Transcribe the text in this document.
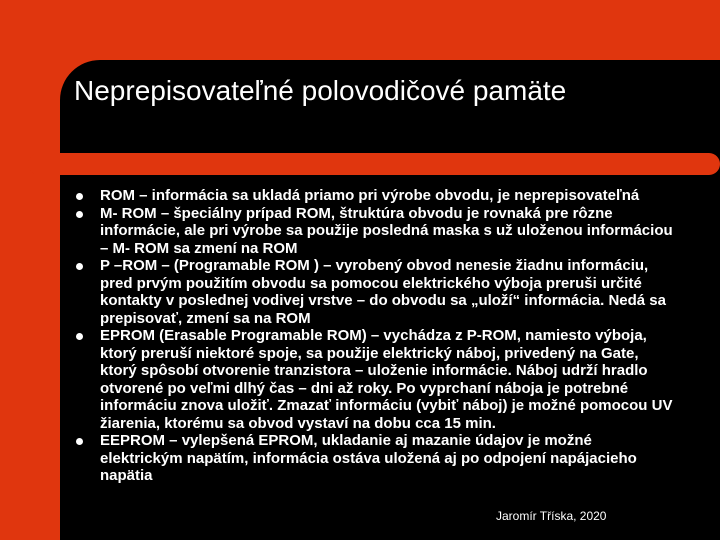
Neprepisovateľné polovodičové pamäte
ROM – informácia sa ukladá priamo pri výrobe obvodu, je neprepisovateľná
M- ROM – špeciálny prípad ROM, štruktúra obvodu je rovnaká pre rôzne informácie, ale pri výrobe sa použije posledná maska s už uloženou informáciou – M- ROM sa zmení na ROM
P –ROM – (Programable ROM ) – vyrobený obvod nenesie žiadnu informáciu, pred prvým použitím obvodu sa pomocou elektrického výboja preruši určité kontakty v poslednej vodivej vrstve – do obvodu sa „uloží“ informácia. Nedá sa prepisovať, zmení sa na ROM
EPROM (Erasable Programable ROM) – vychádza z P-ROM, namiesto výboja, ktorý preruší niektoré spoje, sa použije elektrický náboj, privedený na Gate, ktorý spôsobí otvorenie tranzistora – uloženie informácie. Náboj udrží hradlo otvorené po veľmi dlhý čas – dni až roky. Po vyprchaní náboja je potrebné informáciu znova uložiť. Zmazať informáciu (vybiť náboj) je možné pomocou UV žiarenia, ktorému sa obvod vystaví na dobu cca 15 min.
EEPROM – vylepšená EPROM, ukladanie aj mazanie údajov je možné elektrickým napätím, informácia ostáva uložená aj po odpojení napájacieho napätia
Jaromír Tříska, 2020
